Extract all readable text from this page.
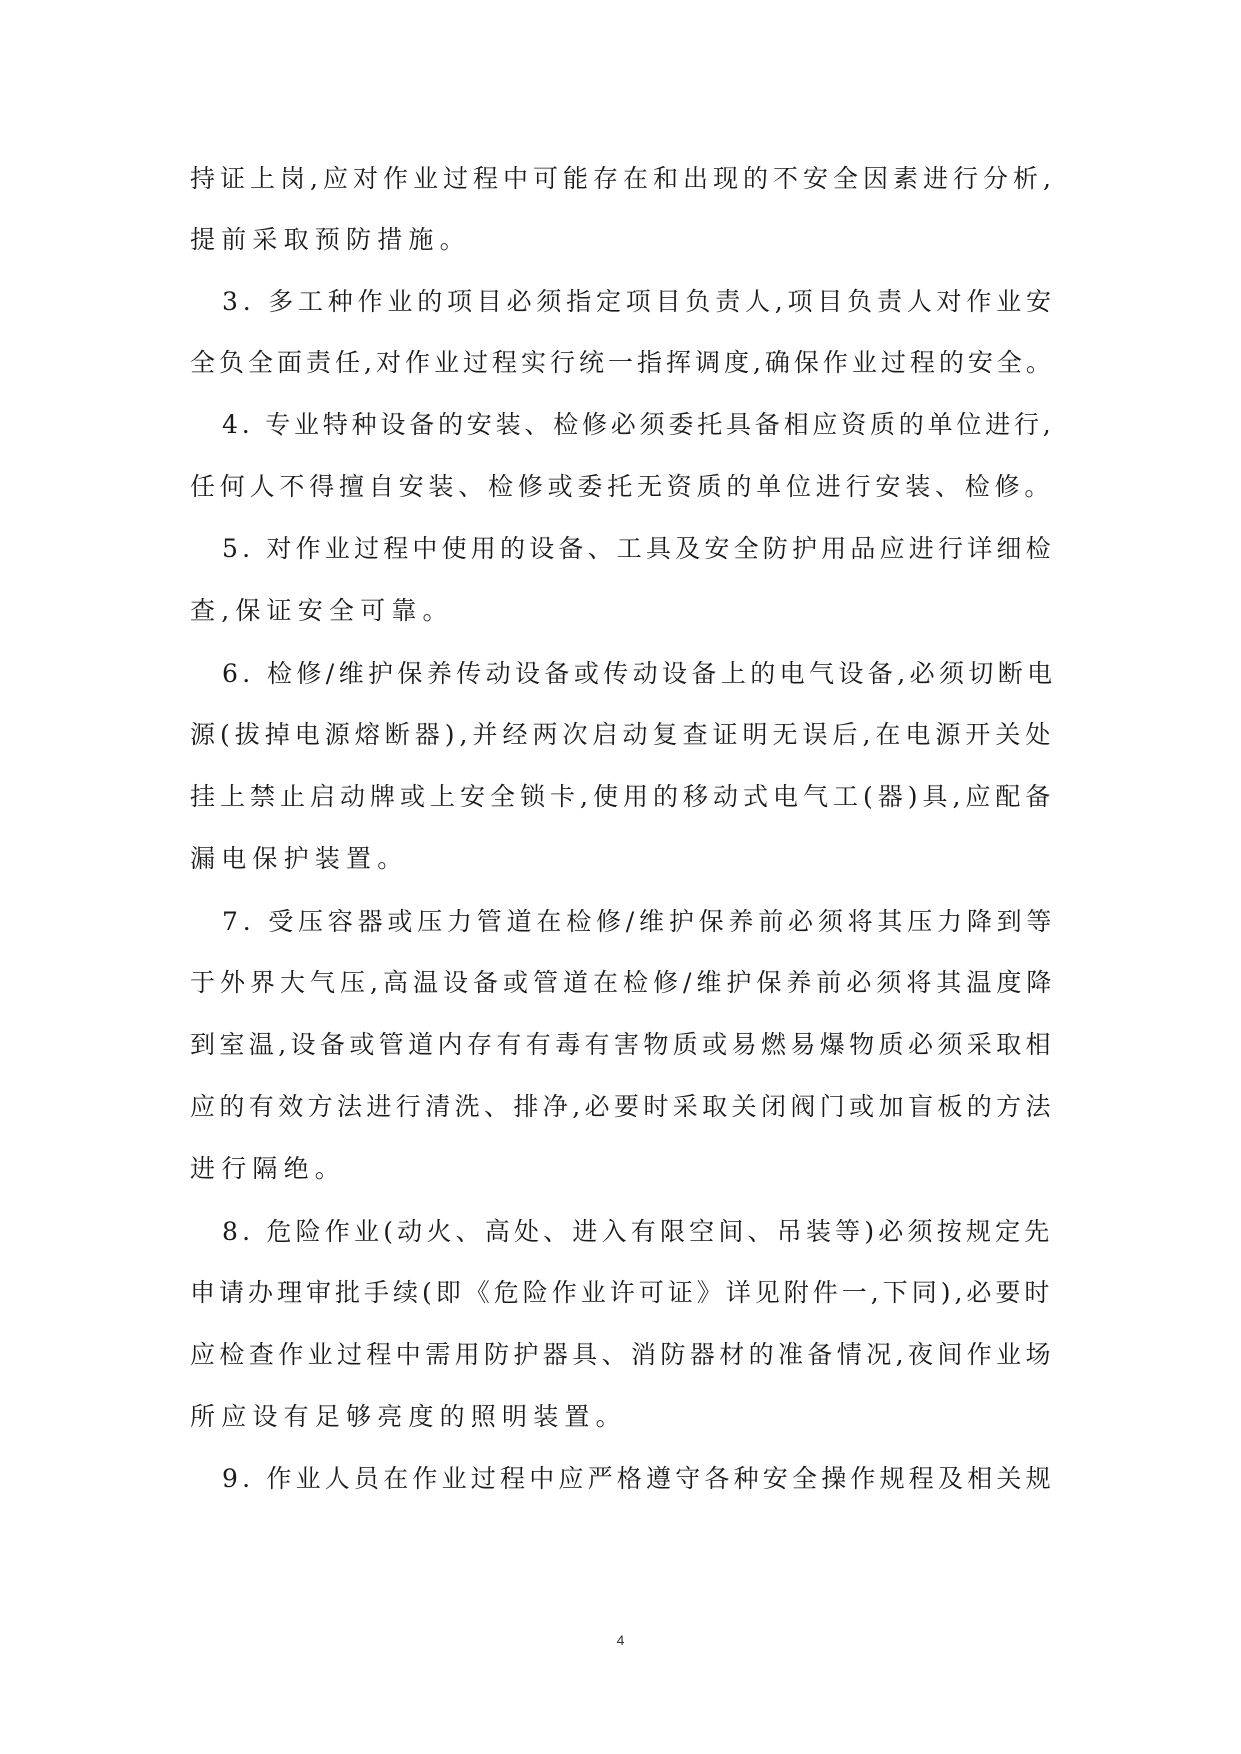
持证上岗,应对作业过程中可能存在和出现的不安全因素进行分析,
提前采取预防措施。
3. 多工种作业的项目必须指定项目负责人,项目负责人对作业安
全负全面责任,对作业过程实行统一指挥调度,确保作业过程的安全。
4. 专业特种设备的安装、检修必须委托具备相应资质的单位进行,
任何人不得擅自安装、检修或委托无资质的单位进行安装、检修。
5. 对作业过程中使用的设备、工具及安全防护用品应进行详细检
查,保证安全可靠。
6. 检修/维护保养传动设备或传动设备上的电气设备,必须切断电
源(拔掉电源熔断器),并经两次启动复查证明无误后,在电源开关处
挂上禁止启动牌或上安全锁卡,使用的移动式电气工(器)具,应配备
漏电保护装置。
7. 受压容器或压力管道在检修/维护保养前必须将其压力降到等
于外界大气压,高温设备或管道在检修/维护保养前必须将其温度降
到室温,设备或管道内存有有毒有害物质或易燃易爆物质必须采取相
应的有效方法进行清洗、排净,必要时采取关闭阀门或加盲板的方法
进行隔绝。
8. 危险作业(动火、高处、进入有限空间、吊装等)必须按规定先
申请办理审批手续(即《危险作业许可证》详见附件一,下同),必要时
应检查作业过程中需用防护器具、消防器材的准备情况,夜间作业场
所应设有足够亮度的照明装置。
9. 作业人员在作业过程中应严格遵守各种安全操作规程及相关规
4
